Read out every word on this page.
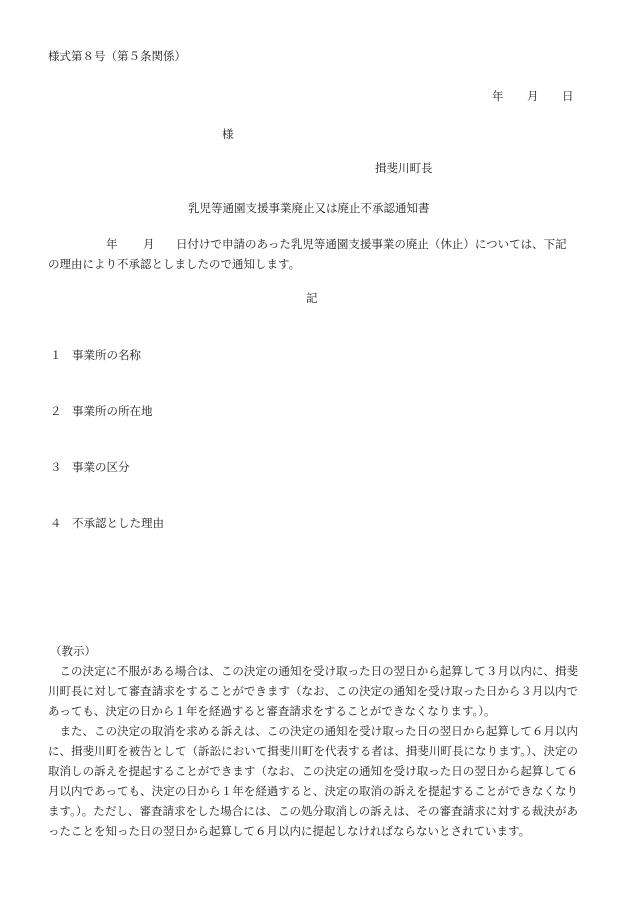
様式第８号（第５条関係）
年 月 日
様
揖斐川町長
乳児等通園支援事業廃止又は廃止不承認通知書
年 月 日付けで申請のあった乳児等通園支援事業の廃止（休止）については、下記
の理由により不承認としましたので通知します。
記
１ 事業所の名称
２ 事業所の所在地
３ 事業の区分
４ 不承認とした理由
（教示）

この決定に不服がある場合は、この決定の通知を受け取った日の翌日から起算して３月以内に、揖斐川町長に対して審査請求をすることができます（なお、この決定の通知を受け取った日から３月以内であっても、決定の日から１年を経過すると審査請求をすることができなくなります。）。

また、この決定の取消を求める訴えは、この決定の通知を受け取った日の翌日から起算して６月以内に、揖斐川町を被告として（訴訟において揖斐川町を代表する者は、揖斐川町長になります。）、決定の取消しの訴えを提起することができます（なお、この決定の通知を受け取った日の翌日から起算して６月以内であっても、決定の日から１年を経過すると、決定の取消の訴えを提起することができなくなります。）。ただし、審査請求をした場合には、この処分取消しの訴えは、その審査請求に対する裁決があったことを知った日の翌日から起算して６月以内に提起しなければならないとされています。
